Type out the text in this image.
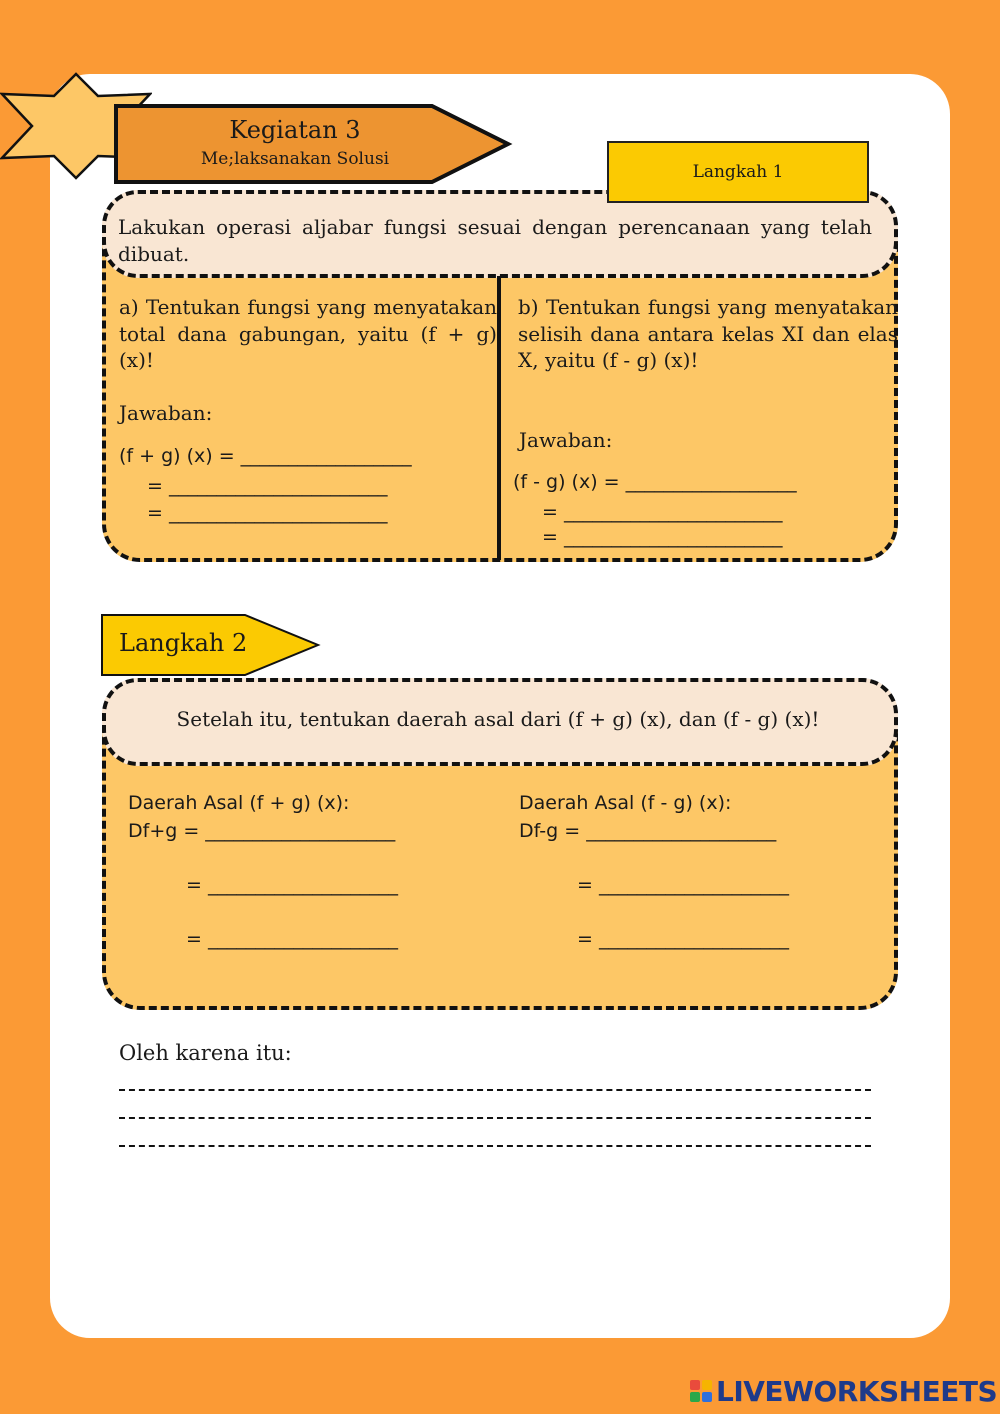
Kegiatan 3
Me;laksanakan Solusi
Langkah 1
Lakukan operasi aljabar fungsi sesuai dengan perencanaan yang telah dibuat.
a) Tentukan fungsi yang menyatakan total dana gabungan, yaitu (f + g) (x)!
Jawaban:
(f + g) (x) = __________________
= _______________________
= _______________________
b) Tentukan fungsi yang menyatakan selisih dana antara kelas XI dan elas X, yaitu (f - g) (x)!
Jawaban:
(f - g) (x) = __________________
= _______________________
= _______________________
Langkah 2
Setelah itu, tentukan daerah asal dari (f + g) (x), dan (f - g) (x)!
Daerah Asal (f + g) (x):
Df+g = ____________________
= ____________________
= ____________________
Daerah Asal (f - g) (x):
Df-g = ____________________
= ____________________
= ____________________
Oleh karena itu:
LIVEWORKSHEETS
